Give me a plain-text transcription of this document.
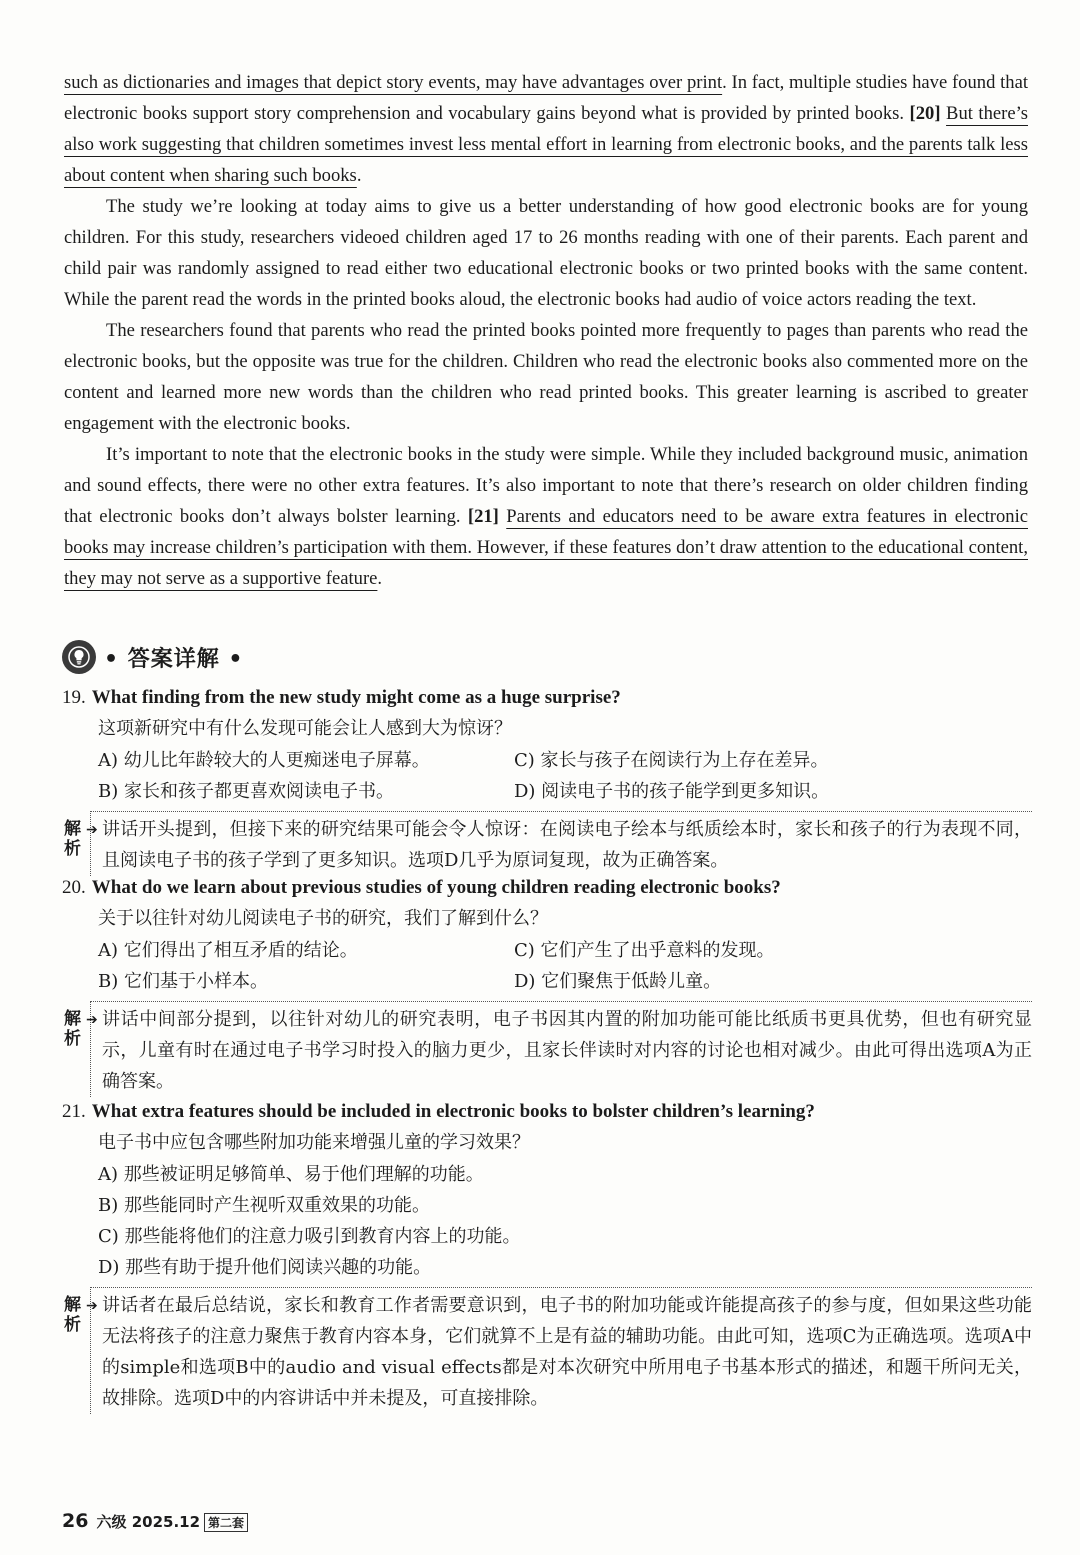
such as dictionaries and images that depict story events, may have advantages over print. In fact, multiple studies have found that electronic books support story comprehension and vocabulary gains beyond what is provided by printed books. [20] But there’s also work suggesting that children sometimes invest less mental effort in learning from electronic books, and the parents talk less about content when sharing such books.

The study we’re looking at today aims to give us a better understanding of how good electronic books are for young children. For this study, researchers videoed children aged 17 to 26 months reading with one of their parents. Each parent and child pair was randomly assigned to read either two educational electronic books or two printed books with the same content. While the parent read the words in the printed books aloud, the electronic books had audio of voice actors reading the text.

The researchers found that parents who read the printed books pointed more frequently to pages than parents who read the electronic books, but the opposite was true for the children. Children who read the electronic books also commented more on the content and learned more new words than the children who read printed books. This greater learning is ascribed to greater engagement with the electronic books.

It’s important to note that the electronic books in the study were simple. While they included background music, animation and sound effects, there were no other extra features. It’s also important to note that there’s research on older children finding that electronic books don’t always bolster learning. [21] Parents and educators need to be aware extra features in electronic books may increase children’s participation with them. However, if these features don’t draw attention to the educational content, they may not serve as a supportive feature.

• 答案详解 •
19. What finding from the new study might come as a huge surprise?
这项新研究中有什么发现可能会让人感到大为惊讶？
A) 幼儿比年龄较大的人更痴迷电子屏幕。	C) 家长与孩子在阅读行为上存在差异。
B) 家长和孩子都更喜欢阅读电子书。	D) 阅读电子书的孩子能学到更多知识。
解析
➔ 讲话开头提到，但接下来的研究结果可能会令人惊讶：在阅读电子绘本与纸质绘本时，家长和孩子的行为表现不同，且阅读电子书的孩子学到了更多知识。选项D几乎为原词复现，故为正确答案。
20. What do we learn about previous studies of young children reading electronic books?
关于以往针对幼儿阅读电子书的研究，我们了解到什么？
A) 它们得出了相互矛盾的结论。	C) 它们产生了出乎意料的发现。
B) 它们基于小样本。	D) 它们聚焦于低龄儿童。
解析
➔ 讲话中间部分提到，以往针对幼儿的研究表明，电子书因其内置的附加功能可能比纸质书更具优势，但也有研究显示，儿童有时在通过电子书学习时投入的脑力更少，且家长伴读时对内容的讨论也相对减少。由此可得出选项A为正确答案。
21. What extra features should be included in electronic books to bolster children’s learning?
电子书中应包含哪些附加功能来增强儿童的学习效果？
A) 那些被证明足够简单、易于他们理解的功能。
B) 那些能同时产生视听双重效果的功能。
C) 那些能将他们的注意力吸引到教育内容上的功能。
D) 那些有助于提升他们阅读兴趣的功能。
解析
➔ 讲话者在最后总结说，家长和教育工作者需要意识到，电子书的附加功能或许能提高孩子的参与度，但如果这些功能无法将孩子的注意力聚焦于教育内容本身，它们就算不上是有益的辅助功能。由此可知，选项C为正确选项。选项A中的simple和选项B中的audio and visual effects都是对本次研究中所用电子书基本形式的描述，和题干所问无关，故排除。选项D中的内容讲话中并未提及，可直接排除。
26 六级
2025.12 第二套
